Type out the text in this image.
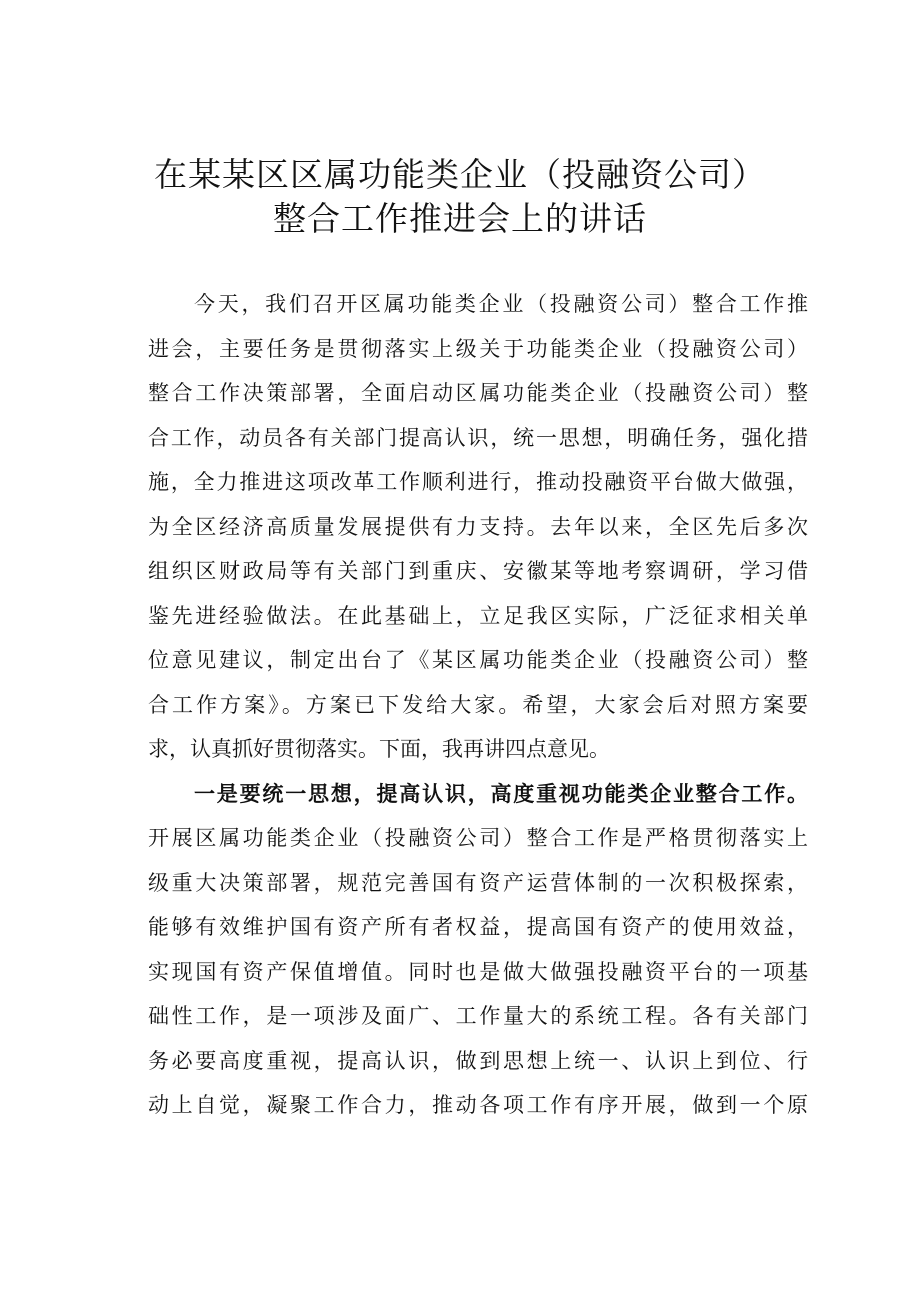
在某某区区属功能类企业（投融资公司）
整合工作推进会上的讲话
今天，我们召开区属功能类企业（投融资公司）整合工作推
进会，主要任务是贯彻落实上级关于功能类企业（投融资公司）
整合工作决策部署，全面启动区属功能类企业（投融资公司）整
合工作，动员各有关部门提高认识，统一思想，明确任务，强化措
施，全力推进这项改革工作顺利进行，推动投融资平台做大做强，
为全区经济高质量发展提供有力支持。去年以来，全区先后多次
组织区财政局等有关部门到重庆、安徽某等地考察调研，学习借
鉴先进经验做法。在此基础上，立足我区实际，广泛征求相关单
位意见建议，制定出台了《某区属功能类企业（投融资公司）整
合工作方案》。方案已下发给大家。希望，大家会后对照方案要
求，认真抓好贯彻落实。下面，我再讲四点意见。
一是要统一思想，提高认识，高度重视功能类企业整合工作。
开展区属功能类企业（投融资公司）整合工作是严格贯彻落实上
级重大决策部署，规范完善国有资产运营体制的一次积极探索，
能够有效维护国有资产所有者权益，提高国有资产的使用效益，
实现国有资产保值增值。同时也是做大做强投融资平台的一项基
础性工作，是一项涉及面广、工作量大的系统工程。各有关部门
务必要高度重视，提高认识，做到思想上统一、认识上到位、行
动上自觉，凝聚工作合力，推动各项工作有序开展，做到一个原
